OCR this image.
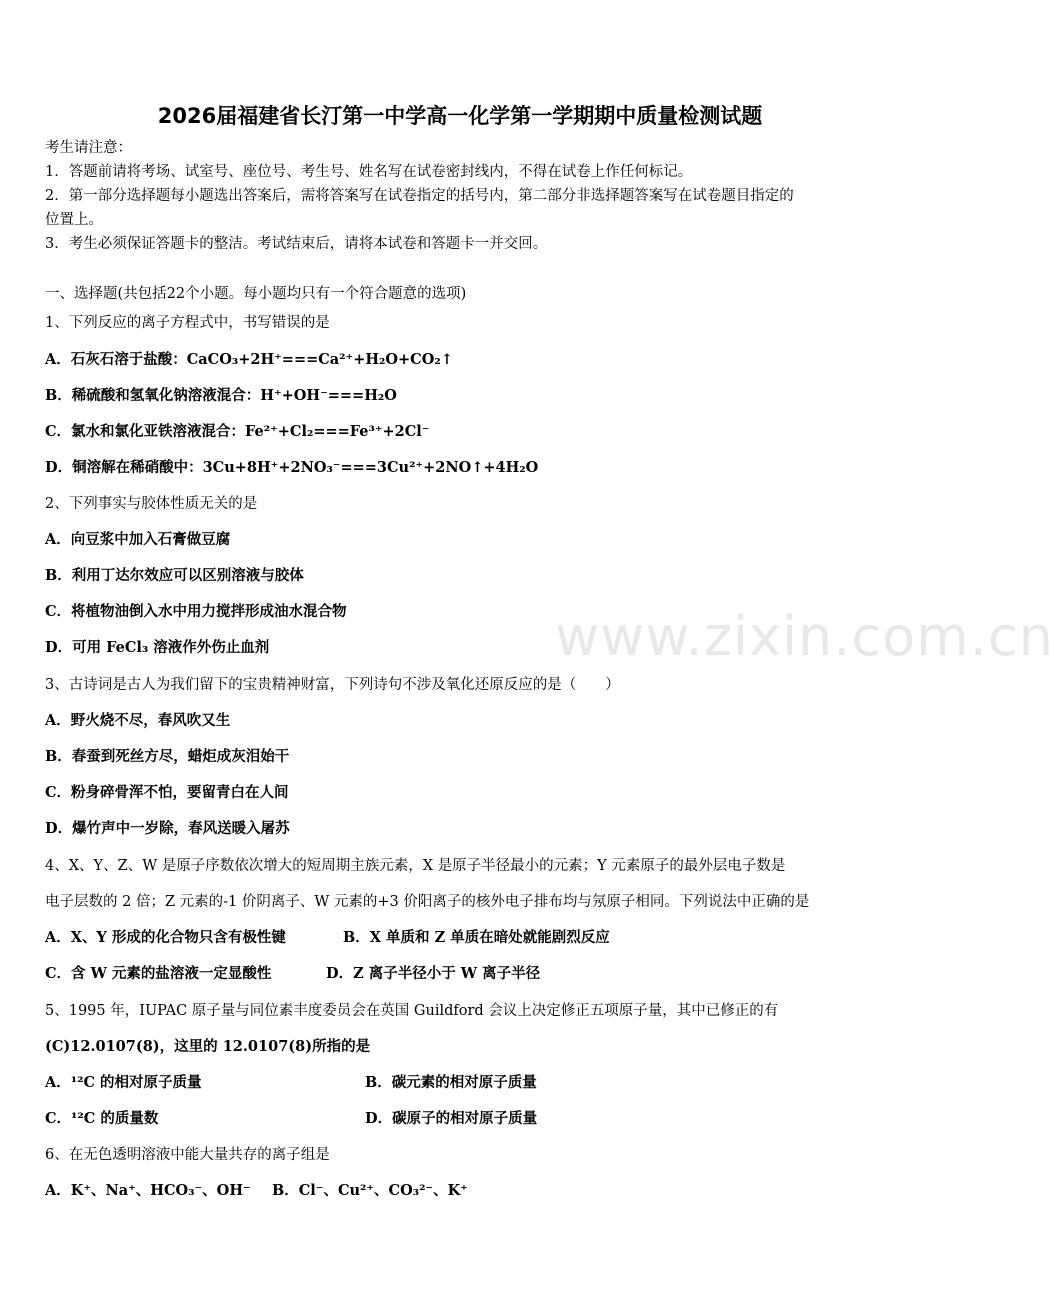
2026届福建省长汀第一中学高一化学第一学期期中质量检测试题
考生请注意：
1．答题前请将考场、试室号、座位号、考生号、姓名写在试卷密封线内，不得在试卷上作任何标记。
2．第一部分选择题每小题选出答案后，需将答案写在试卷指定的括号内，第二部分非选择题答案写在试卷题目指定的
位置上。
3．考生必须保证答题卡的整洁。考试结束后，请将本试卷和答题卡一并交回。
一、选择题(共包括22个小题。每小题均只有一个符合题意的选项)
1、下列反应的离子方程式中，书写错误的是
A．石灰石溶于盐酸：CaCO₃+2H⁺===Ca²⁺+H₂O+CO₂↑
B．稀硫酸和氢氧化钠溶液混合：H⁺+OH⁻===H₂O
C．氯水和氯化亚铁溶液混合：Fe²⁺+Cl₂===Fe³⁺+2Cl⁻
D．铜溶解在稀硝酸中：3Cu+8H⁺+2NO₃⁻===3Cu²⁺+2NO↑+4H₂O
2、下列事实与胶体性质无关的是
A．向豆浆中加入石膏做豆腐
B．利用丁达尔效应可以区别溶液与胶体
C．将植物油倒入水中用力搅拌形成油水混合物
D．可用 FeCl₃ 溶液作外伤止血剂
3、古诗词是古人为我们留下的宝贵精神财富，下列诗句不涉及氧化还原反应的是（　　）
A．野火烧不尽，春风吹又生
B．春蚕到死丝方尽，蜡炬成灰泪始干
C．粉身碎骨浑不怕，要留青白在人间
D．爆竹声中一岁除，春风送暖入屠苏
4、X、Y、Z、W 是原子序数依次增大的短周期主族元素，X 是原子半径最小的元素；Y 元素原子的最外层电子数是
电子层数的 2 倍；Z 元素的-1 价阴离子、W 元素的+3 价阳离子的核外电子排布均与氖原子相同。下列说法中正确的是
A．X、Y 形成的化合物只含有极性键	B．X 单质和 Z 单质在暗处就能剧烈反应
C．含 W 元素的盐溶液一定显酸性	D．Z 离子半径小于 W 离子半径
5、1995 年，IUPAC 原子量与同位素丰度委员会在英国 Guildford 会议上决定修正五项原子量，其中已修正的有
(C)12.0107(8)，这里的 12.0107(8)所指的是
A．¹²C 的相对原子质量	B．碳元素的相对原子质量
C．¹²C 的质量数	D．碳原子的相对原子质量
6、在无色透明溶液中能大量共存的离子组是
A．K⁺、Na⁺、HCO₃⁻、OH⁻ B．Cl⁻、Cu²⁺、CO₃²⁻、K⁺
www.zixin.com.cn
